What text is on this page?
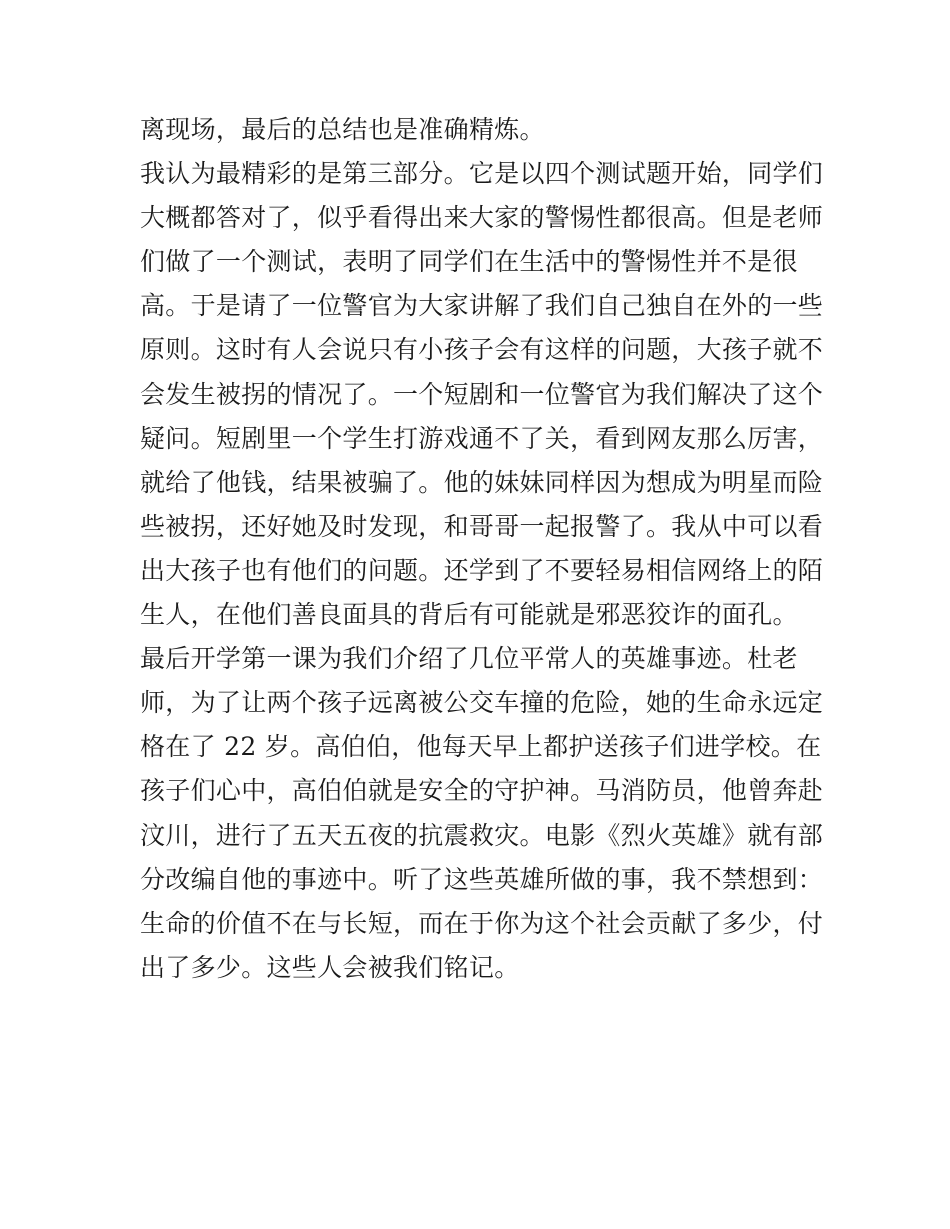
离现场，最后的总结也是准确精炼。
我认为最精彩的是第三部分。它是以四个测试题开始，同学们
大概都答对了，似乎看得出来大家的警惕性都很高。但是老师
们做了一个测试，表明了同学们在生活中的警惕性并不是很
高。于是请了一位警官为大家讲解了我们自己独自在外的一些
原则。这时有人会说只有小孩子会有这样的问题，大孩子就不
会发生被拐的情况了。一个短剧和一位警官为我们解决了这个
疑问。短剧里一个学生打游戏通不了关，看到网友那么厉害，
就给了他钱，结果被骗了。他的妹妹同样因为想成为明星而险
些被拐，还好她及时发现，和哥哥一起报警了。我从中可以看
出大孩子也有他们的问题。还学到了不要轻易相信网络上的陌
生人，在他们善良面具的背后有可能就是邪恶狡诈的面孔。
最后开学第一课为我们介绍了几位平常人的英雄事迹。杜老
师，为了让两个孩子远离被公交车撞的危险，她的生命永远定
格在了 22 岁。高伯伯，他每天早上都护送孩子们进学校。在
孩子们心中，高伯伯就是安全的守护神。马消防员，他曾奔赴
汶川，进行了五天五夜的抗震救灾。电影《烈火英雄》就有部
分改编自他的事迹中。听了这些英雄所做的事，我不禁想到：
生命的价值不在与长短，而在于你为这个社会贡献了多少，付
出了多少。这些人会被我们铭记。
